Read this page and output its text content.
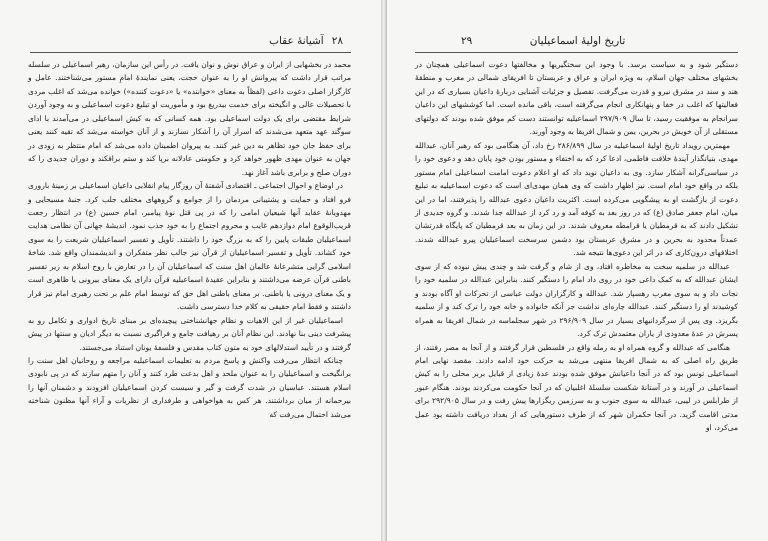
۲۸
آشیانهٔ عقاب

محمد در بخشهایی از ایران و عراق نوش و نوان یافت. در رأس این سازمان، رهبر اسماعیلی در سلسله مراتب قرار داشت که پیروانش او را به عنوان حجت، یعنی نمایندهٔ امامِ مستور می‌شناختند. عامل و کارگزار اصلی دعوت داعی (لفظاً به معنای «خواننده» یا «دعوت کننده») خوانده می‌شد که اغلب مردی با تحصیلات عالی و انگیخته برای خدمت بیدریغ بود و مأموریت او تبلیغ دعوت اسماعیلی و به وجود آوردن شرایط مقتضی برای یک دولت اسماعیلی بود. همه کسانی که به کیش اسماعیلی در می‌آمدند با ادای سوگند عهد متعهد می‌شدند که اسرار آن را آشکار نسازند و از آنان خواسته می‌شد که تقیه کنند یعنی برای حفظ جان خود تظاهر به دین غیر کنند. به پیروان اطمینان داده می‌شد که امام منتظر به زودی در جهان به عنوان مهدی ظهور خواهد کرد و حکومتی عادلانه برپا کند و ستم برافکند و دوران جدیدی را که دوران صلح و برابری باشد آغاز نهد.

در اوضاع و احوال اجتماعی ـ اقتصادی آشفتهٔ آن روزگار پیام انقلابی داعیان اسماعیلی بر زمینهٔ باروری فرو افتاد و حمایت و پشتیبانی مردمان را از جوامع و گروههای مختلف جلب کرد. جنبهٔ مسیحایی و مهدویانهٔ عقاید آنها شیعیان امامی را که در پی قتل نوهٔ پیامبر، امام حسین (ع) در انتظار رجعت قریب‌الوقوع امام دوازدهم غایب و محروم اجتماع را به خود جذب نمود. اندیشهٔ جهانی آن نظامی هدایت اسماعیلیان طبقات پایین را که به بزرگ خود را داشتند. تأویل و تفسیر اسماعیلیان شریعت را به سوی خود کشاند. تأویل و تفسیر اسماعیلیان از قرآن نیز جالب نظر متفکران و اندیشمندان واقع شد. شاخهٔ اسلامی گرایی متشرعانهٔ عالمان اهل سنت که اسماعیلیان آن را در تعارض با روح اسلام به زیر تفسیر باطنی قرآن عرضه می‌داشتند و بنابراین عقیدهٔ اسماعیلیه قرآن دارای یک معنای بیرونی یا ظاهری است و یک معنای درونی یا باطنی. بر معنای باطنی اهل حق که توسط امام علم بر تحت رهبری امام نیز قرار داشتند و فقط امام حقیقی به کلام خدا دسترسی داشت.

اسماعیلیان غیر از این الاهیات و نظام جهانشناختی پیچیده‌ای بر مبنای تاریخ ادواری و تکامل رو به پیشرفت دینی بنا نهادند. این نظام آنان بر رهیافت جامع و فراگیری نسبت به دیگر ادیان و سنتها در پیش گرفتند و در تأیید استدلالهای خود به متون کتاب مقدس و فلسفهٔ یونان استناد می‌جستند.

چنانکه انتظار می‌رفت واکنش و پاسخ مردم به تعلیمات اسماعیلیه مراجعه و روحانیان اهل سنت را برانگیخت و اسماعیلیان را به عنوان ملحد و اهل بدعت طرد کنند و آنان را متهم سازند که در پی نابودی اسلام هستند. عباسیان در شدت گرفت و گیر و سیست کردن اسماعیلیان افزودند و دشمنان آنها را بیرحمانه از میان برداشتند. هر کس به هواخواهی و طرفداری از نظریات و آراء آنها مظنون شناخته می‌شد احتمال می‌رفت که

تاریخ اولیهٔ اسماعیلیان
۲۹

دستگیر شود و به سیاست برسد. با وجود این سختگیریها و مخالفتها دعوت اسماعیلی همچنان در بخشهای مختلف جهان اسلام، به ویژه ایران و عراق و عربستان تا افریقای شمالی در مغرب و منطقهٔ هند و سند در مشرق نیرو و قدرت می‌گرفت. تفصیل و جزئیات آشنایی دربارهٔ داعیان بسیاری که در این فعالیتها که اغلب در خفا و پنهانکاری انجام می‌گرفته است، باقی مانده است. اما کوششهای این داعیان سرانجام به موفقیت رسید، تا سال ۲۹۷/۹۰۹ اسماعیلیه توانستند دست کم موفق شده بودند که دولتهای مستقلی از آن خویش در بحرین، یمن و شمال افریقا به وجود آورند.

مهمترین رویداد تاریخ اولیهٔ اسماعیلیه در سال ۲۸۶/۸۹۹ رخ داد، آن هنگامی بود که رهبر آنان، عبدالله مهدی، بنیانگذار آیندهٔ خلافت فاطمی، ادعا کرد که به اختفاء و مستور بودن خود پایان دهد و دعوی خود را در سیاسی‌گرانه آشکار سازد. وی به داعیان نوید داد که او اعلام دعوت امامت اسماعیلی امام مستور بلکه در واقع خود امام است. نیز اظهار داشت که وی همان مهدی‌ای است که دعوت اسماعیلیه به تبلیغ دعوت از بازگشت او به پیشگویی می‌کرده است. اکثریت داعیان دعوی عبدالله را پذیرفتند، اما در این میان، امام جعفر صادق (ع) که در روز بعد به کوفه آمد و رد کرد از عبدالله جدا شدند. و گروه جدیدی از تشکیل دادند که به قرمطیان یا قرامطه معروف شدند. در این زمان به بعد قرمطیان که پایگاه قدرتشان عمدتاً محدود به بحرین و در مشرق عربستان بود دشمن سرسخت اسماعیلیان پیرو عبدالله شدند. اختلافهای درون‌کاری که در اثر این دعوی‌ها نتیجه شد.

عبدالله در سلمیه سخت به مخاطره افتاد، وی از شام و گرفت شد و چندی پیش نبوده که از سوی ایشان عبدالله که به کمک داعی خود در روی داد امام را دستگیر کنند. بنابراین عبدالله در سلمیه خود را نجات داد و به سوی مغرب رهسپار شد. عبدالله و کارگزاران دولت عباسی از تحرکات او آگاه بودند و کوشیدند او را دستگیر کنند. عبدالله چاره‌ای نداشت جز آنکه خانواده و خانه خود را ترک کند و از سلمیه بگریزد. وی پس از سرگردانیهای بسیار در سال ۲۹۶/۹۰۹ در شهر سجلماسه در شمال افریقا به همراه پسرش در عدهٔ معدودی از یاران معتمدش ترک کرد.

هنگامی که عبدالله و گروه همراه او به رمله واقع در فلسطین قرار گرفتند و از آنجا به مصر رفتند، از طریق راه اصلی که به شمال افریقا منتهی می‌شد به حرکت خود ادامه دادند. مقصد نهایی امام اسماعیلی تونس بود که در آنجا داعیانش موفق شده بودند عدهٔ زیادی از قبایل بربر محلی را به کیش اسماعیلی در آورند و در آستانهٔ شکست سلسلهٔ اغلبیان که در آنجا حکومت می‌کردند بودند. هنگام عبور از طرابلس در لیبی، عبدالله به سوی جنوب و به سرزمین ریگزارها پیش رفت و در سال ۲۹۲/۹۰۵ برای مدتی اقامت گزید. در آنجا حکمران شهر که از طرف دستورهایی که از بغداد دریافت داشته بود عمل می‌کرد، او
